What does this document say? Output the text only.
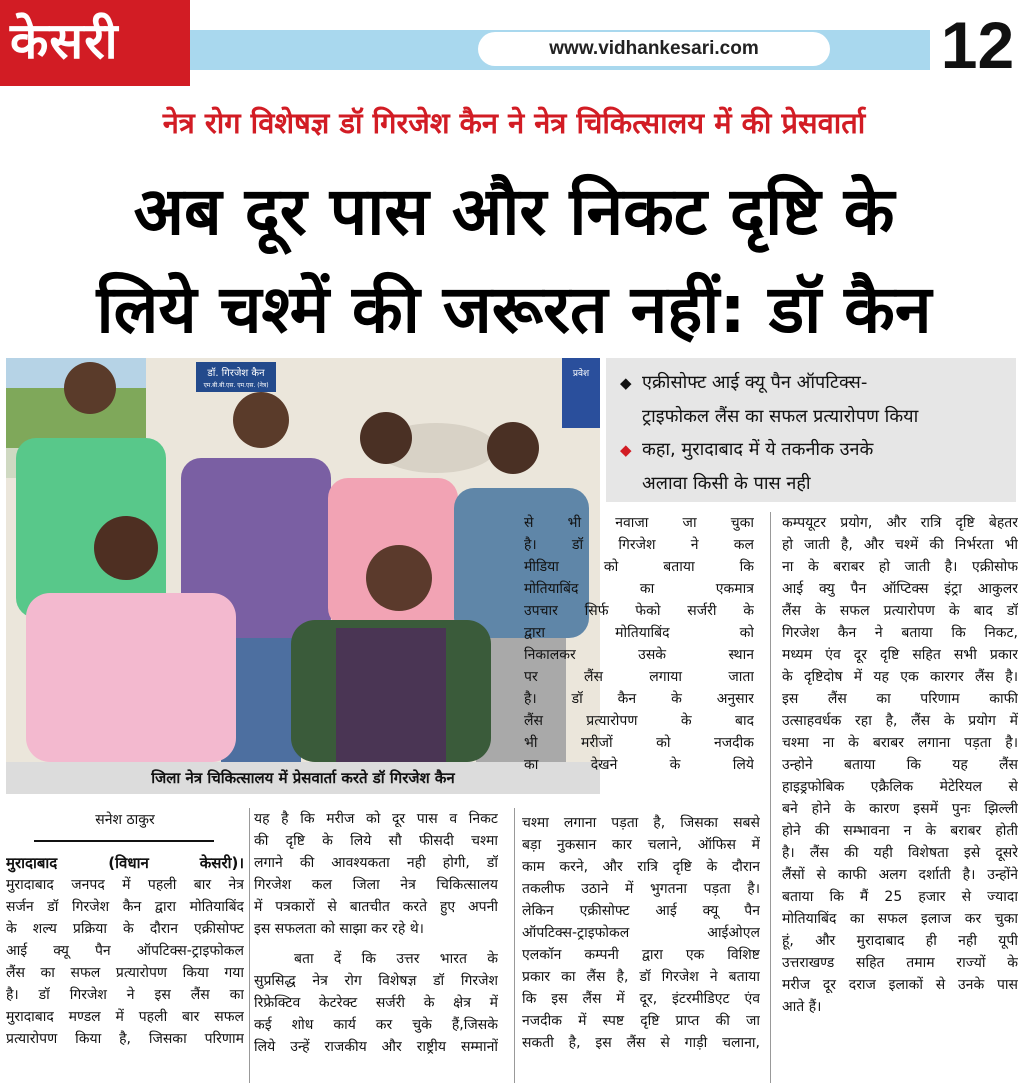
केसरी	www.vidhankesari.com	12
नेत्र रोग विशेषज्ञ डॉ गिरजेश कैन ने नेत्र चिकित्सालय में की प्रेसवार्ता
अब दूर पास और निकट दृष्टि के
लिये चश्में की जरूरत नहीं: डॉ कैन
डॉ. गिरजेश कैन
एम.बी.बी.एस. एम.एस. (नेत्र)
प्रवेश
जिला नेत्र चिकित्सालय में प्रेसवार्ता करते डॉ गिरजेश कैन
◆ एक्रीसोफ्ट आई क्यू पैन ऑपटिक्स-
ट्राइफोकल लैंस का सफल प्रत्यारोपण किया
◆ कहा, मुरादाबाद में ये तकनीक उनके
अलावा किसी के पास नही
सनेश ठाकुर
मुरादाबाद (विधान केसरी)।
मुरादाबाद जनपद में पहली बार नेत्र
सर्जन डॉ गिरजेश कैन द्वारा मोतियाबिंद
के शल्य प्रक्रिया के दौरान एक्रीसोफ्ट
आई क्यू पैन ऑपटिक्स-ट्राइफोकल
लैंस का सफल प्रत्यारोपण किया गया
है। डॉ गिरजेश ने इस लैंस का
मुरादाबाद मण्डल में पहली बार सफल
प्रत्यारोपण किया है, जिसका परिणाम
यह है कि मरीज को दूर पास व निकट
की दृष्टि के लिये सौ फीसदी चश्मा
लगाने की आवश्यकता नही होगी, डॉ
गिरजेश कल जिला नेत्र चिकित्सालय
में पत्रकारों से बातचीत करते हुए अपनी
इस सफलता को साझा कर रहे थे।
बता दें कि उत्तर भारत के
सुप्रसिद्ध नेत्र रोग विशेषज्ञ डॉ गिरजेश
रिफ्रेक्टिव केटरेक्ट सर्जरी के क्षेत्र में
कई शोध कार्य कर चुके हैं,जिसके
लिये उन्हें राजकीय और राष्ट्रीय सम्मानों
से भी नवाजा जा चुका
है। डॉ गिरजेश ने कल
मीडिया को बताया कि
मोतियाबिंद का एकमात्र
उपचार सिर्फ फेको सर्जरी के
द्वारा मोतियाबिंद को
निकालकर उसके स्थान
पर लैंस लगाया जाता
है। डॉ कैन के अनुसार
लैंस प्रत्यारोपण के बाद
भी मरीजों को नजदीक
का देखने के लिये
चश्मा लगाना पड़ता है, जिसका सबसे
बड़ा नुकसान कार चलाने, ऑफिस में
काम करने, और रात्रि दृष्टि के दौरान
तकलीफ उठाने में भुगतना पड़ता है।
लेकिन एक्रीसोफ्ट आई क्यू पैन
ऑपटिक्स-ट्राइफोकल आईओएल
एलकॉन कम्पनी द्वारा एक विशिष्ट
प्रकार का लैंस है, डॉ गिरजेश ने बताया
कि इस लैंस में दूर, इंटरमीडिएट एंव
नजदीक में स्पष्ट दृष्टि प्राप्त की जा
सकती है, इस लैंस से गाड़ी चलाना,
कम्पयूटर प्रयोग, और रात्रि दृष्टि बेहतर
हो जाती है, और चश्में की निर्भरता भी
ना के बराबर हो जाती है। एक्रीसोफ
आई क्यु पैन ऑप्टिक्स इंट्रा आकुलर
लैंस के सफल प्रत्यारोपण के बाद डॉ
गिरजेश कैन ने बताया कि निकट,
मध्यम एंव दूर दृष्टि सहित सभी प्रकार
के दृष्टिदोष में यह एक कारगर लैंस है।
इस लैंस का परिणाम काफी
उत्साहवर्धक रहा है, लैंस के प्रयोग में
चश्मा ना के बराबर लगाना पड़ता है।
उन्होने बताया कि यह लैंस
हाइड्रफोबिक एक्रैलिक मेटेरियल से
बने होने के कारण इसमें पुनः झिल्ली
होने की सम्भावना न के बराबर होती
है। लैंस की यही विशेषता इसे दूसरे
लैंसों से काफी अलग दर्शाती है। उन्होंने
बताया कि मैं 25 हजार से ज्यादा
मोतियाबिंद का सफल इलाज कर चुका
हूं, और मुरादाबाद ही नही यूपी
उत्तराखण्ड सहित तमाम राज्यों के
मरीज दूर दराज इलाकों से उनके पास
आते हैं।
